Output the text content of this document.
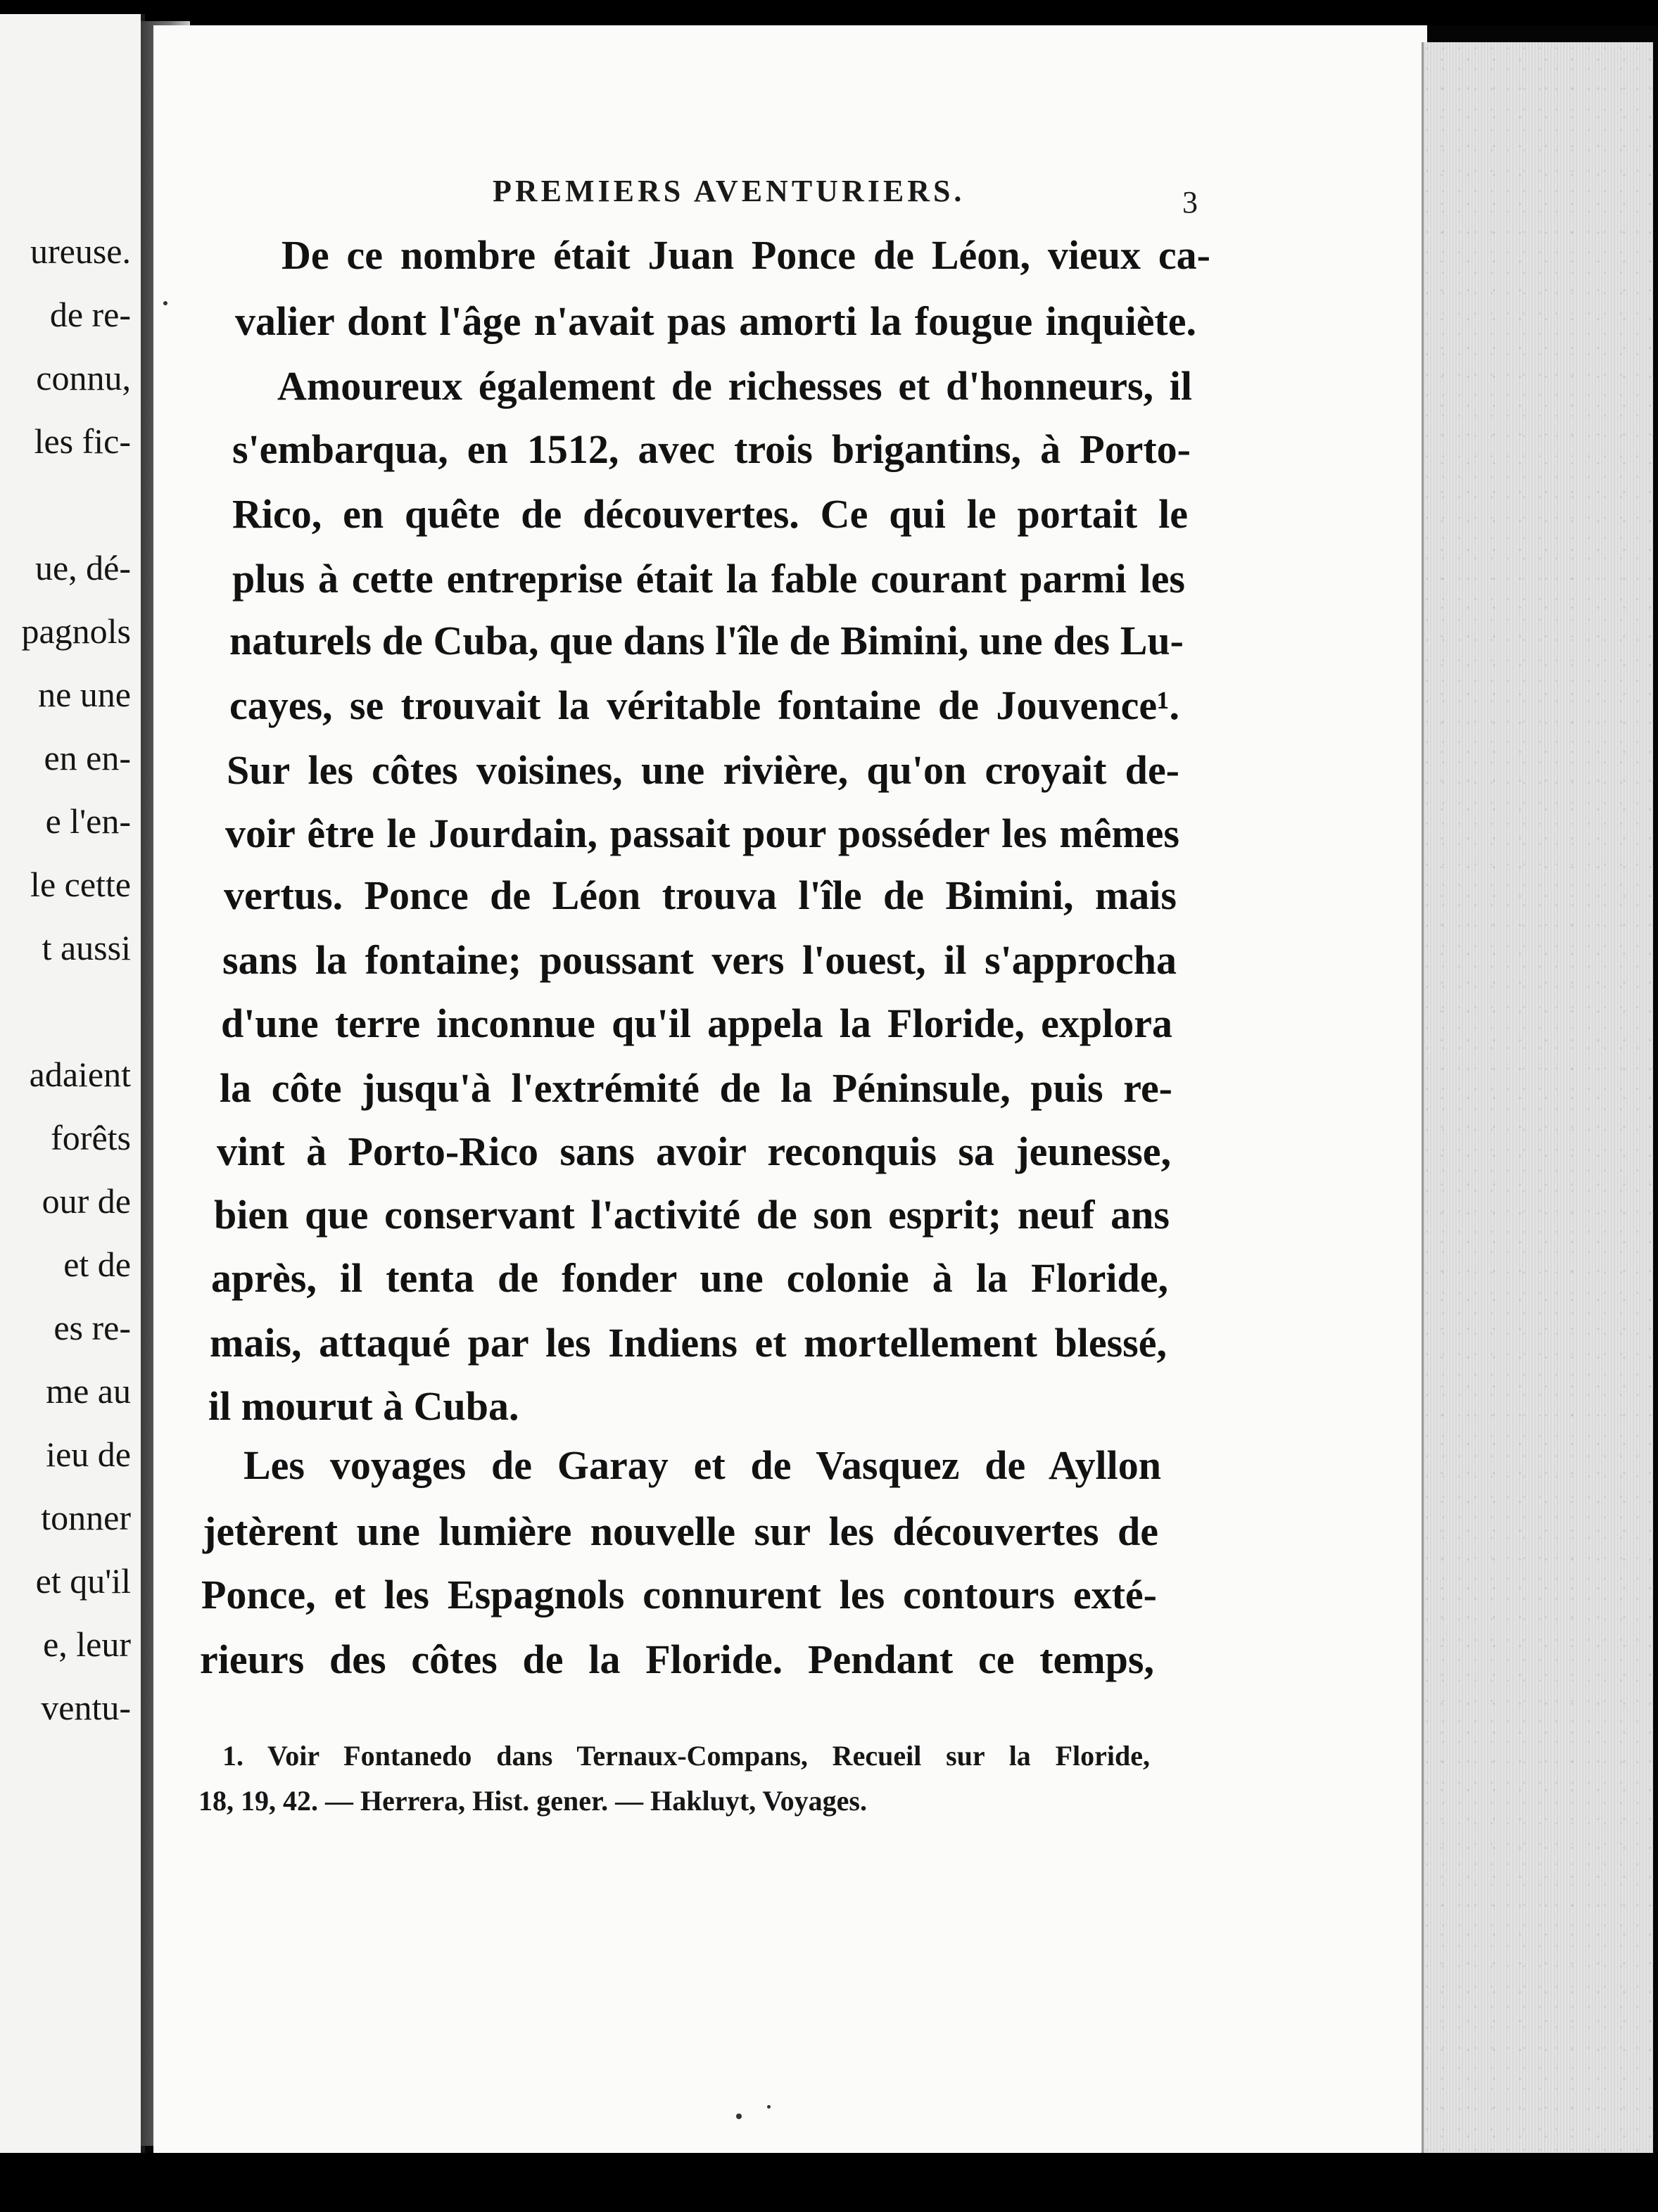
ureuse.
de re-
connu,
les fic-
ue, dé-
pagnols
ne une
en en-
e l'en-
le cette
t aussi
adaient
forêts
our de
et de
es re-
me au
ieu de
tonner
et qu'il
e, leur
ventu-
PREMIERS AVENTURIERS.	3
De ce nombre était Juan Ponce de Léon, vieux ca-
valier dont l'âge n'avait pas amorti la fougue inquiète.
Amoureux également de richesses et d'honneurs, il
s'embarqua, en 1512, avec trois brigantins, à Porto-
Rico, en quête de découvertes. Ce qui le portait le
plus à cette entreprise était la fable courant parmi les
naturels de Cuba, que dans l'île de Bimini, une des Lu-
cayes, se trouvait la véritable fontaine de Jouvence¹.
Sur les côtes voisines, une rivière, qu'on croyait de-
voir être le Jourdain, passait pour posséder les mêmes
vertus. Ponce de Léon trouva l'île de Bimini, mais
sans la fontaine; poussant vers l'ouest, il s'approcha
d'une terre inconnue qu'il appela la Floride, explora
la côte jusqu'à l'extrémité de la Péninsule, puis re-
vint à Porto-Rico sans avoir reconquis sa jeunesse,
bien que conservant l'activité de son esprit; neuf ans
après, il tenta de fonder une colonie à la Floride,
mais, attaqué par les Indiens et mortellement blessé,
il mourut à Cuba.
Les voyages de Garay et de Vasquez de Ayllon
jetèrent une lumière nouvelle sur les découvertes de
Ponce, et les Espagnols connurent les contours exté-
rieurs des côtes de la Floride. Pendant ce temps,
1. Voir Fontanedo dans Ternaux-Compans, Recueil sur la Floride,
18, 19, 42. — Herrera, Hist. gener. — Hakluyt, Voyages.
